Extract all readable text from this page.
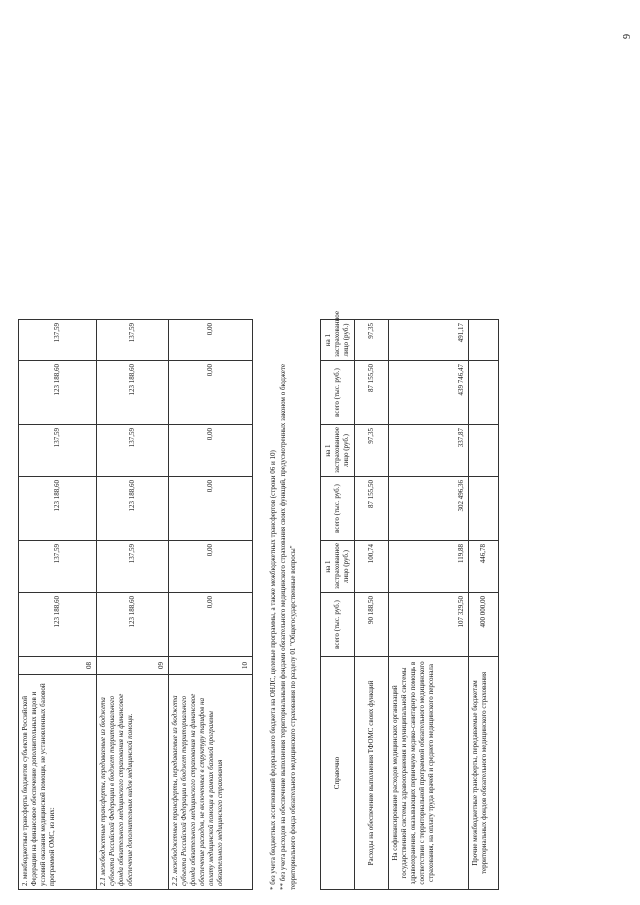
2. межбюджетные трансферты бюджетов субъектов Российской Федерации на финансовое обеспечение дополнительных видов и условий оказания медицинской помощи, не установленных базовой программой ОМС, из них:	08	123 188,60	137,59	123 188,60	137,59	123 188,60	137,59
2.1 межбюджетные трансферты, передаваемые из бюджета субъекта Российской Федерации в бюджет территориального фонда обязательного медицинского страхования на финансовое обеспечение дополнительных видов медицинской помощи.	09	123 188,60	137,59	123 188,60	137,59	123 188,60	137,59
2.2. межбюджетные трансферты, передаваемые из бюджета субъекта Российской Федерации в бюджет территориального фонда обязательного медицинского страхования на финансовое обеспечение расходов, не включенных в структуру тарифов на оплату медицинской помощи в рамках базовой программы обязательного медицинского страхования	10	0,00	0,00	0,00	0,00	0,00	0,00
* без учета бюджетных ассигнований федерального бюджета на ОНЛС, целевые программы, а также межбюджетных трансфертов (строки 06 и 10) ** без учета расходов на обеспечение выполнения территориальными фондами обязательного медицинского страхования своих функций, предусмотренных законом о бюджете территориального фонда обязательного медицинского страхования по разделу 01 "Общегосударственные вопросы"	Справочно	всего (тыс. руб.)	на 1 застрахованное лицо (руб.)	всего (тыс. руб.)	на 1 застрахованное лицо (руб.)	всего (тыс. руб.)	на 1 застрахованное лицо (руб.)
Расходы на обеспечение выполнения ТФОМС своих функций	90 188,50	100,74	87 155,50	97,35	87 155,50	97,35
На софинансирование расходов медицинских организаций государственной системы здравоохранения и муниципальной системы здравоохранения, оказывающих первичную медико-санитарную помощь в соответствии с территориальной программой обязательного медицинского страхования, на оплату труда врачей и среднего медицинского персонала	107 329,50	119,88	302 496,36	337,87	439 746,47	491,17
Прочие межбюджетные трансферты, передаваемые бюджетам территориальных фондов обязательного медицинского страхования	400 000,00	446,78				
9
